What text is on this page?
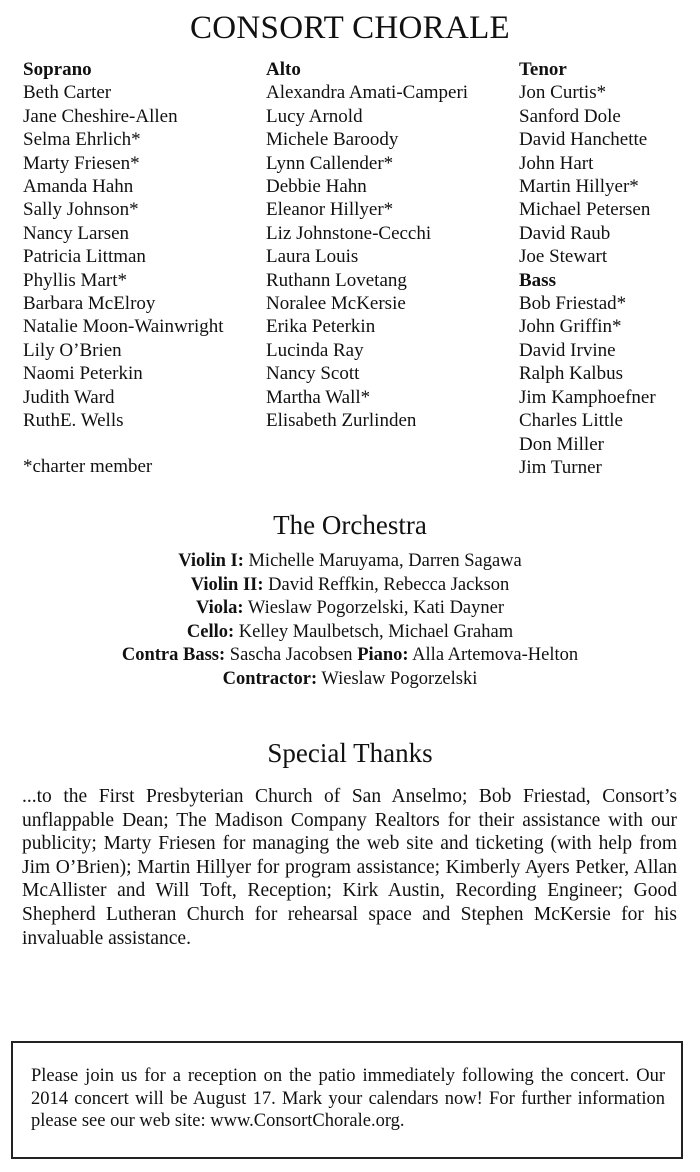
CONSORT CHORALE
Soprano
Beth Carter
Jane Cheshire-Allen
Selma Ehrlich*
Marty Friesen*
Amanda Hahn
Sally Johnson*
Nancy Larsen
Patricia Littman
Phyllis Mart*
Barbara McElroy
Natalie Moon-Wainwright
Lily O’Brien
Naomi Peterkin
Judith Ward
RuthE. Wells
Alto
Alexandra Amati-Camperi
Lucy Arnold
Michele Baroody
Lynn Callender*
Debbie Hahn
Eleanor Hillyer*
Liz Johnstone-Cecchi
Laura Louis
Ruthann Lovetang
Noralee McKersie
Erika Peterkin
Lucinda Ray
Nancy Scott
Martha Wall*
Elisabeth Zurlinden
Tenor
Jon Curtis*
Sanford Dole
David Hanchette
John Hart
Martin Hillyer*
Michael Petersen
David Raub
Joe Stewart
Bass
Bob Friestad*
John Griffin*
David Irvine
Ralph Kalbus
Jim Kamphoefner
Charles Little
Don Miller
Jim Turner
*charter member
The Orchestra
Violin I: Michelle Maruyama, Darren Sagawa
Violin II: David Reffkin, Rebecca Jackson
Viola: Wieslaw Pogorzelski, Kati Dayner
Cello: Kelley Maulbetsch, Michael Graham
Contra Bass: Sascha Jacobsen Piano: Alla Artemova-Helton
Contractor: Wieslaw Pogorzelski
Special Thanks
...to the First Presbyterian Church of San Anselmo; Bob Friestad, Consort’s unflappable Dean; The Madison Company Realtors for their assistance with our publicity; Marty Friesen for managing the web site and ticketing (with help from Jim O’Brien); Martin Hillyer for program assistance; Kimberly Ayers Petker, Allan McAllister and Will Toft, Reception; Kirk Austin, Recording Engineer; Good Shepherd Lutheran Church for rehearsal space and Stephen McKersie for his invaluable assistance.
Please join us for a reception on the patio immediately following the concert. Our 2014 concert will be August 17. Mark your calendars now! For further information please see our web site: www.ConsortChorale.org.
